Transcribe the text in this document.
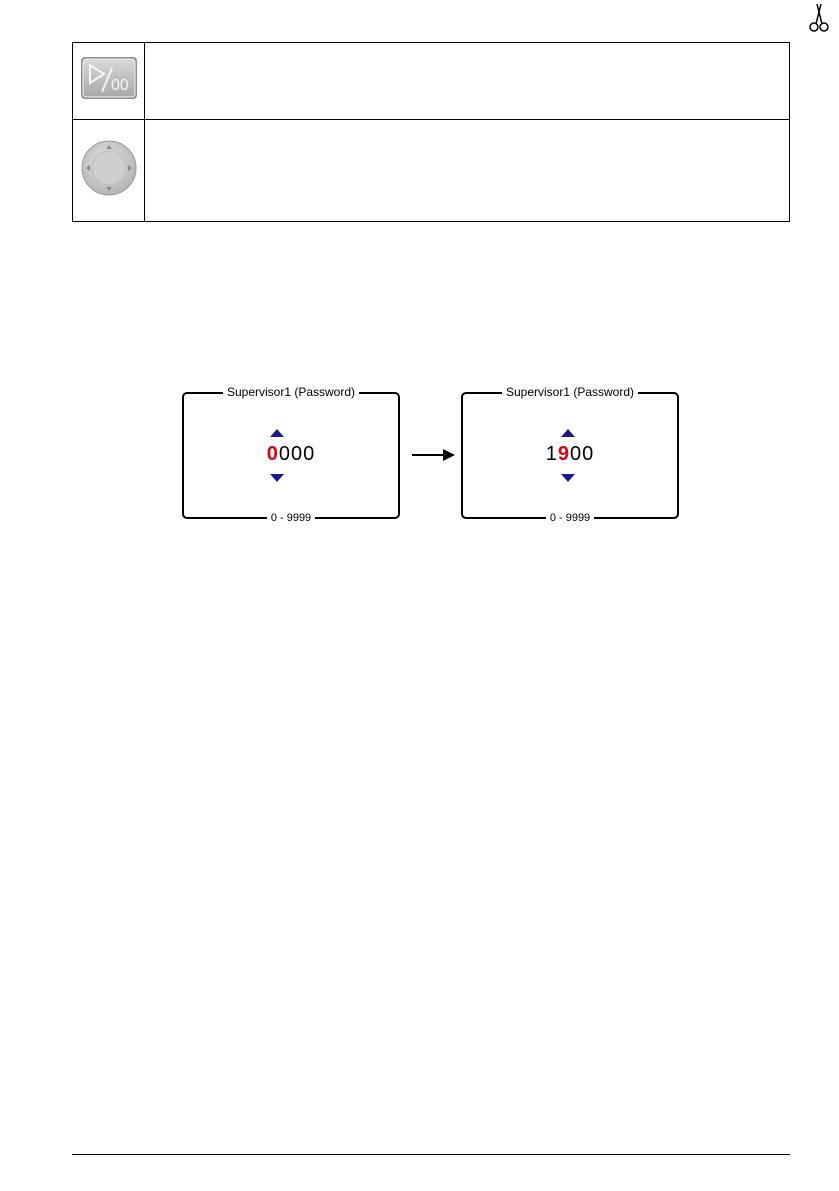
00	

Supervisor1 (Password)
0000
0 - 9999
Supervisor1 (Password)
1900
0 - 9999
